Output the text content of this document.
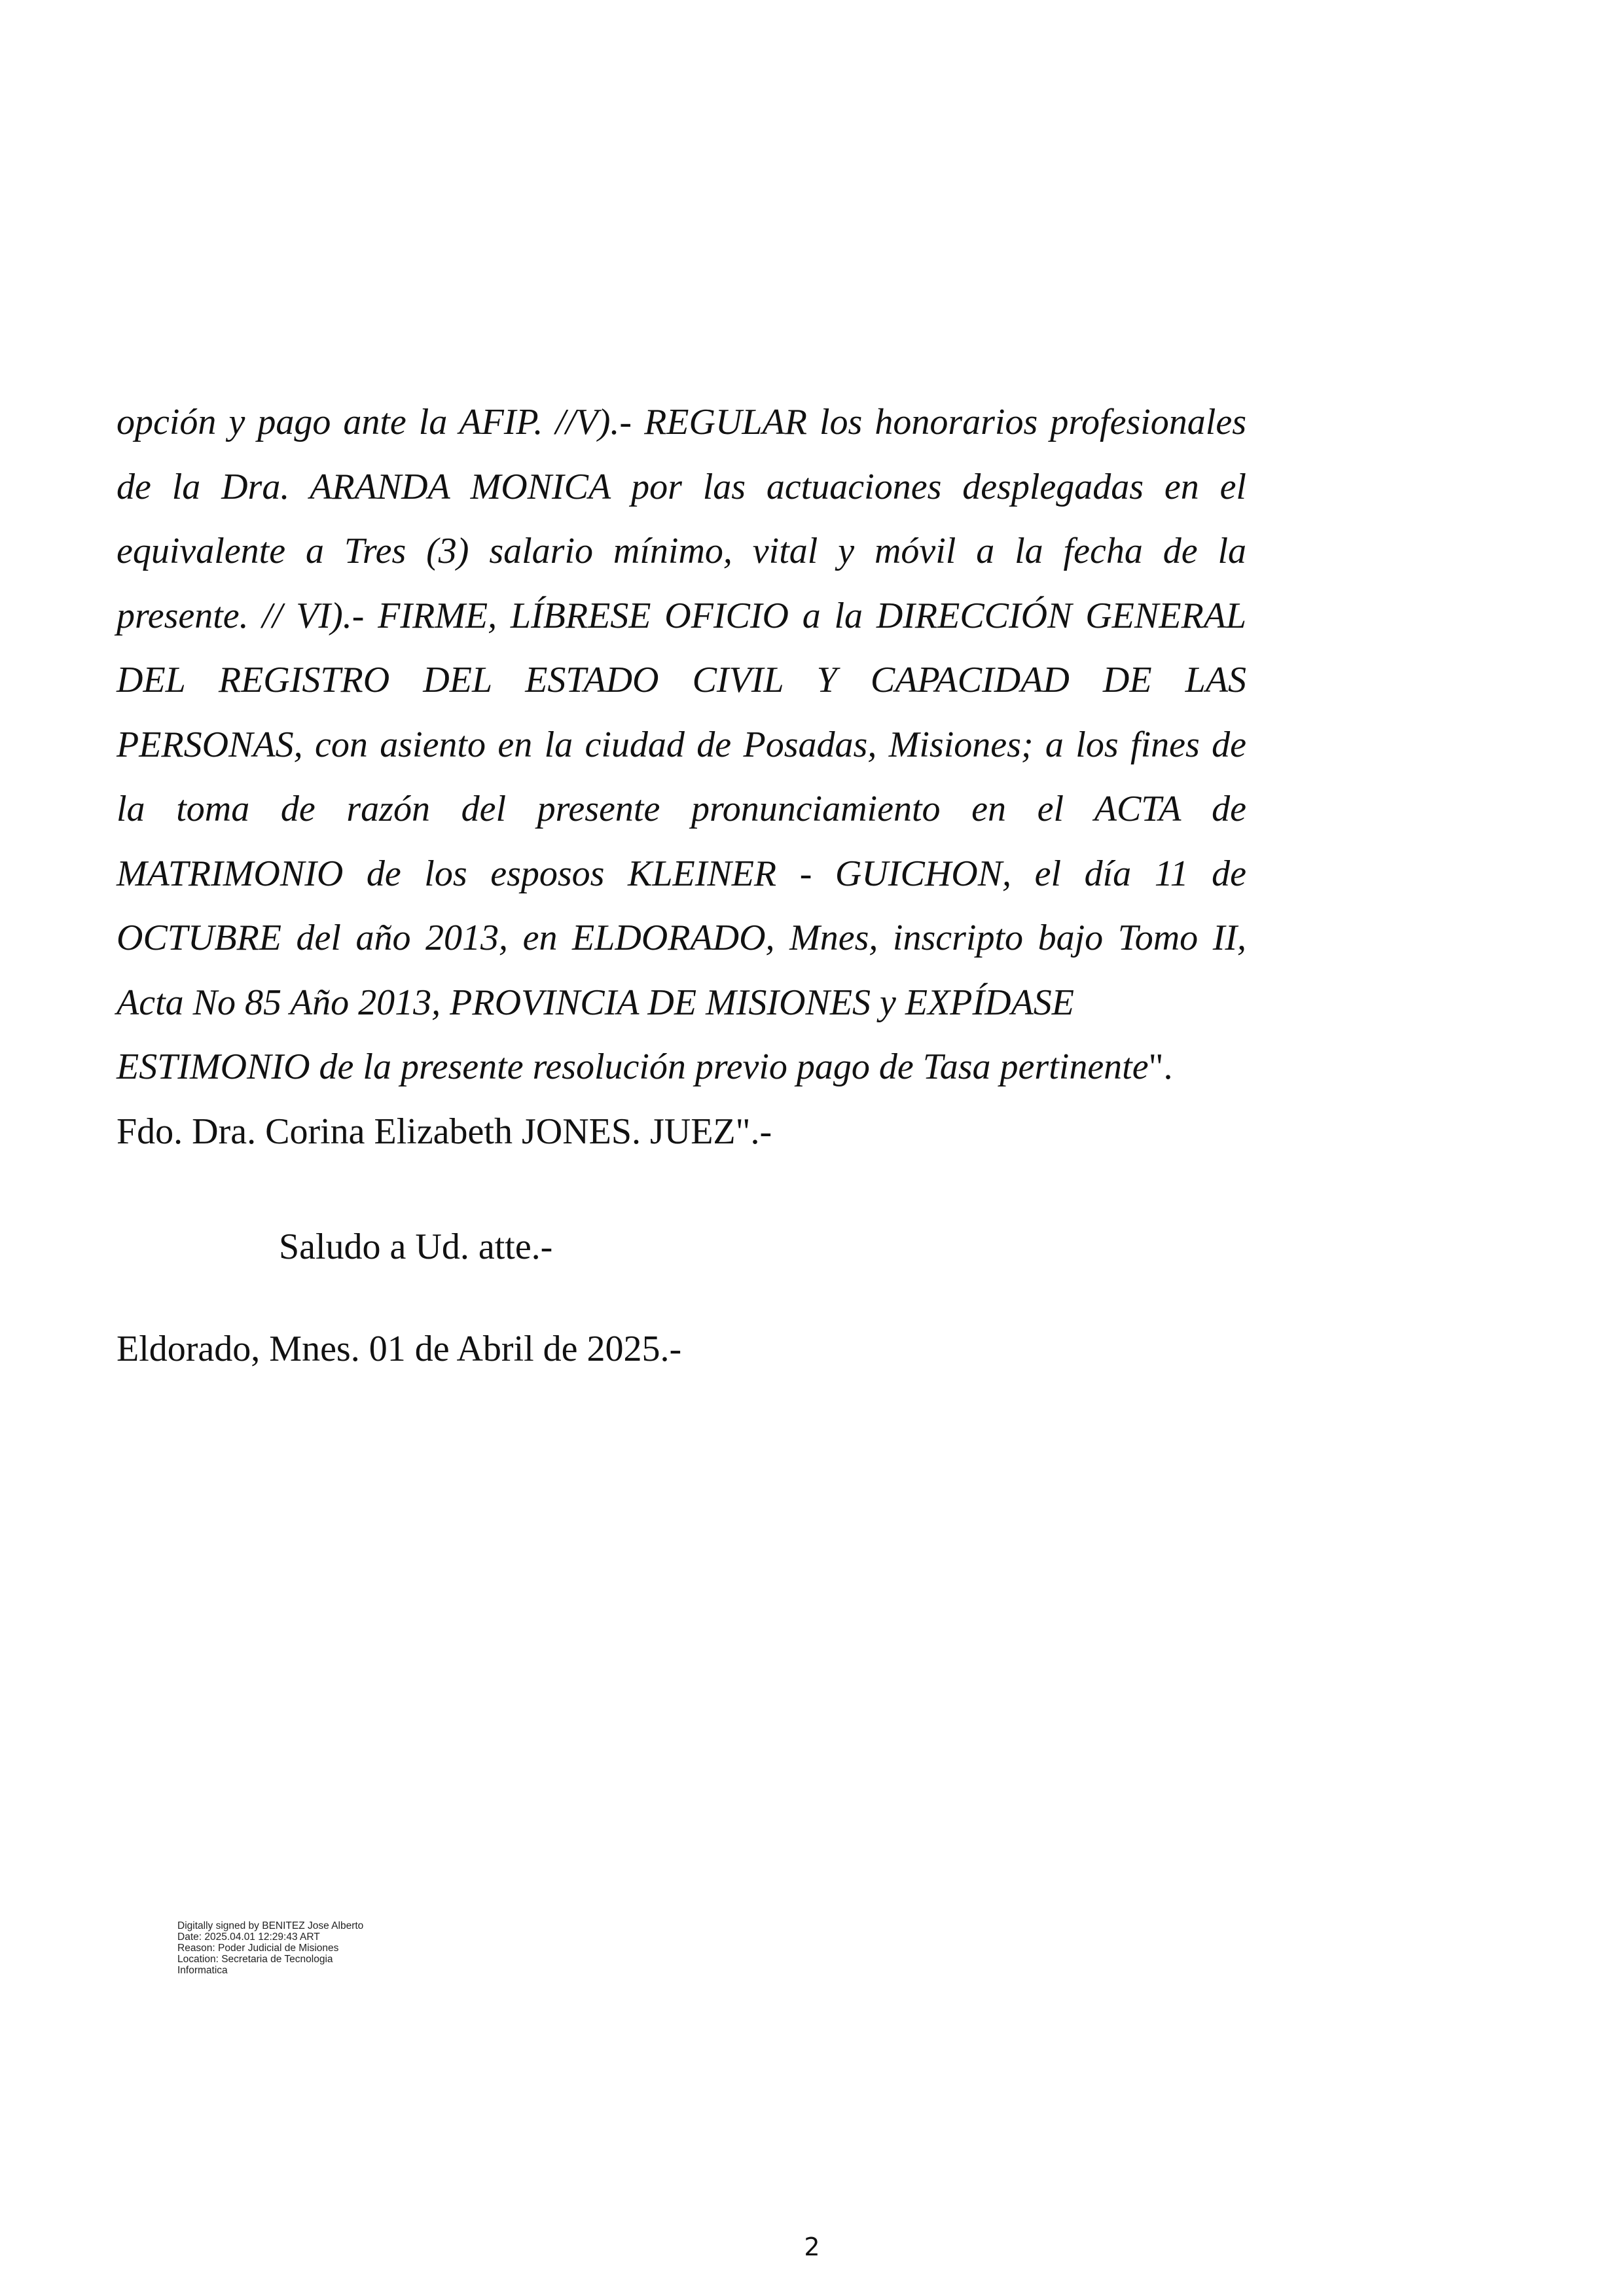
opción y pago ante la AFIP. //V).- REGULAR los honorarios profesionales
de la Dra. ARANDA MONICA por las actuaciones desplegadas en el
equivalente a Tres (3) salario mínimo, vital y móvil a la fecha de la
presente. // VI).- FIRME, LÍBRESE OFICIO a la DIRECCIÓN GENERAL
DEL REGISTRO DEL ESTADO CIVIL Y CAPACIDAD DE LAS
PERSONAS, con asiento en la ciudad de Posadas, Misiones; a los fines de
la toma de razón del presente pronunciamiento en el ACTA de
MATRIMONIO de los esposos KLEINER - GUICHON, el día 11 de
OCTUBRE del año 2013, en ELDORADO, Mnes, inscripto bajo Tomo II,
Acta No 85 Año 2013, PROVINCIA DE MISIONES y EXPÍDASE
ESTIMONIO de la presente resolución previo pago de Tasa pertinente".
Fdo. Dra. Corina Elizabeth JONES. JUEZ".-

Saludo a Ud. atte.-

Eldorado, Mnes. 01 de Abril de 2025.-

Digitally signed by BENITEZ Jose Alberto
Date: 2025.04.01 12:29:43 ART
Reason: Poder Judicial de Misiones
Location: Secretaria de Tecnologia
Informatica
2
